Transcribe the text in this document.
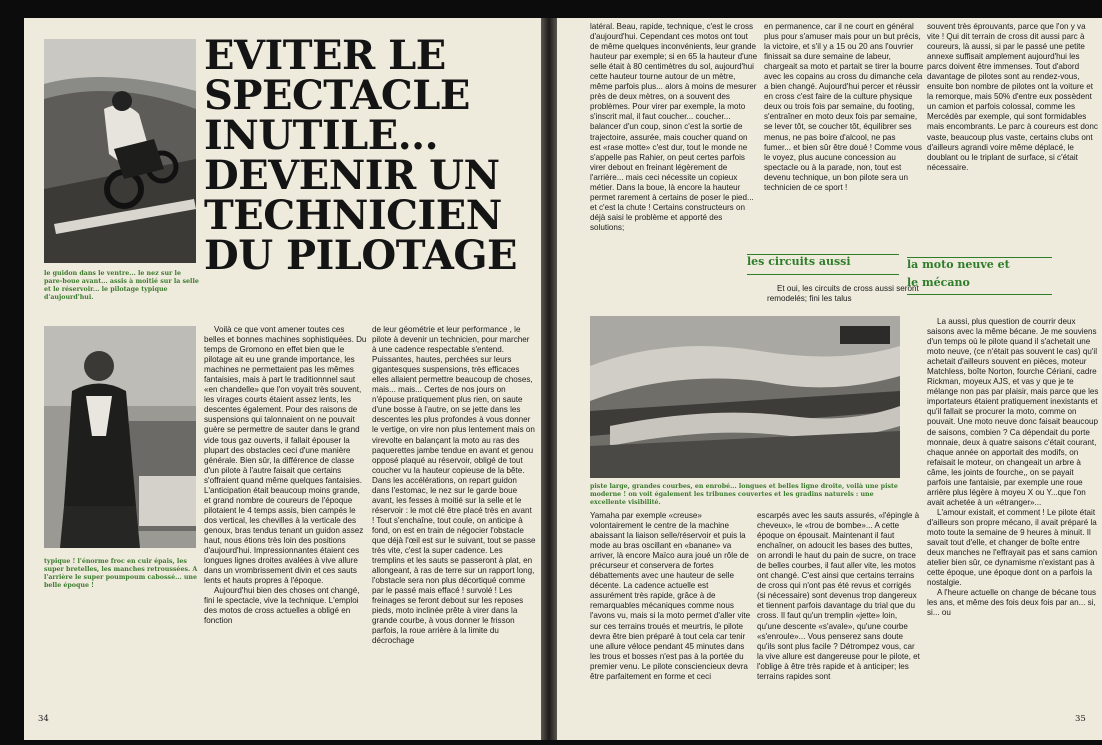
le guidon dans le ventre... le nez sur le pare-boue avant... assis à moitié sur la selle et le réservoir... le pilotage typique d'aujourd'hui.

EVITER LE
SPECTACLE
INUTILE...
DEVENIR UN
TECHNICIEN
DU PILOTAGE

typique ! l'énorme froc en cuir épais, les super bretelles, les manches retroussées. A l'arrière le super poumpoum cabossé... une belle époque !

Voilà ce que vont amener toutes ces belles et bonnes machines sophistiquées. Du temps de Gromono en effet bien que le pilotage ait eu une grande importance, les machines ne permettaient pas les mêmes fantaisies, mais à part le traditionnnel saut «en chandelle» que l'on voyait très souvent, les virages courts étaient assez lents, les descentes également. Pour des raisons de suspensions qui talonnaient on ne pouvait guère se permettre de sauter dans le grand vide tous gaz ouverts, il fallait épouser la plupart des obstacles ceci d'une manière générale. Bien sûr, la différence de classe d'un pilote à l'autre faisait que certains s'offraient quand même quelques fantaisies. L'anticipation était beaucoup moins grande, et grand nombre de coureurs de l'époque pilotaient le 4 temps assis, bien campés le dos vertical, les chevilles à la verticale des genoux, bras tendus tenant un guidon assez haut, nous étions très loin des positions d'aujourd'hui. Impressionnantes étaient ces longues lignes droites avalées à vive allure dans un vrombrissement divin et ces sauts lents et hauts propres à l'époque.

Aujourd'hui bien des choses ont changé, fini le spectacle, vive la technique. L'emploi des motos de cross actuelles a obligé en fonction

de leur géométrie et leur performance , le pilote à devenir un technicien, pour marcher à une cadence respectable s'entend. Puissantes, hautes, perchées sur leurs gigantesques suspensions, très efficaces elles allaient permettre beaucoup de choses, mais... mais... Certes de nos jours on n'épouse pratiquement plus rien, on saute d'une bosse à l'autre, on se jette dans les descentes les plus profondes à vous donner le vertige, on vire non plus lentement mais on virevolte en balançant la moto au ras des paquerettes jambe tendue en avant et genou opposé plaqué au réservoir, obligé de tout coucher vu la hauteur copieuse de la bête. Dans les accélérations, on repart guidon dans l'estomac, le nez sur le garde boue avant, les fesses à moitié sur la selle et le réservoir : le mot clé être placé très en avant ! Tout s'enchaîne, tout coule, on anticipe à fond, on est en train de négocier l'obstacle que déjà l'œil est sur le suivant, tout se passe très vite, c'est la super cadence. Les tremplins et les sauts se passeront à plat, en allongeant, à ras de terre sur un rapport long, l'obstacle sera non plus décortiqué comme par le passé mais effacé ! survolé ! Les freinages se feront debout sur les reposes pieds, moto inclinée prête à virer dans la grande courbe, à vous donner le frisson parfois, la roue arrière à la limite du décrochage

34

latéral. Beau, rapide, technique, c'est le cross d'aujourd'hui. Cependant ces motos ont tout de même quelques inconvénients, leur grande hauteur par exemple; si en 65 la hauteur d'une selle était à 80 centimètres du sol, aujourd'hui cette hauteur tourne autour de un mètre, même parfois plus... alors à moins de mesurer près de deux mètres, on a souvent des problèmes. Pour virer par exemple, la moto s'inscrit mal, il faut coucher... coucher... balancer d'un coup, sinon c'est la sortie de trajectoire, assurée, mais coucher quand on est «rase motte» c'est dur, tout le monde ne s'appelle pas Rahier, on peut certes parfois virer debout en freinant légèrement de l'arrière... mais ceci nécessite un copieux métier. Dans la boue, là encore la hauteur permet rarement à certains de poser le pied... et c'est la chute ! Certains constructeurs on déjà saisi le problème et apporté des solutions;

en permanence, car il ne court en général plus pour s'amuser mais pour un but précis, la victoire, et s'il y a 15 ou 20 ans l'ouvrier finissait sa dure semaine de labeur, chargeait sa moto et partait se tirer la bourre avec les copains au cross du dimanche cela a bien changé. Aujourd'hui percer et réussir en cross c'est faire de la culture physique deux ou trois fois par semaine, du footing, s'entraîner en moto deux fois par semaine, se lever tôt, se coucher tôt, équilibrer ses menus, ne pas boire d'alcool, ne pas fumer... et bien sûr être doué ! Comme vous le voyez, plus aucune concession au spectacle ou à la parade, non, tout est devenu technique, un bon pilote sera un technicien de ce sport !

les circuits aussi

Et oui, les circuits de cross aussi seront remodelés; fini les talus

souvent très éprouvants, parce que l'on y va vite ! Qui dit terrain de cross dit aussi parc à coureurs, là aussi, si par le passé une petite annexe suffisait amplement aujourd'hui les parcs doivent être immenses. Tout d'abord davantage de pilotes sont au rendez-vous, ensuite bon nombre de pilotes ont la voiture et la remorque, mais 50% d'entre eux possèdent un camion et parfois colossal, comme les Mercédès par exemple, qui sont formidables mais encombrants. Le parc à coureurs est donc vaste, beaucoup plus vaste, certains clubs ont d'ailleurs agrandi voire même déplacé, le doublant ou le triplant de surface, si c'était nécessaire.

la moto neuve et
le mécano

piste large, grandes courbes, en enrobé... longues et belles ligne droite, voilà une piste moderne ! on voit également les tribunes couvertes et les gradins naturels : une excellente visibilité.

Yamaha par exemple «creuse» volontairement le centre de la machine abaissant la liaison selle/réservoir et puis la mode au bras oscillant en «banane» va arriver, là encore Maïco aura joué un rôle de précurseur et conservera de fortes débattements avec une hauteur de selle décente. La cadence actuelle est assurément très rapide, grâce à de remarquables mécaniques comme nous l'avons vu, mais si la moto permet d'aller vite sur ces terrains troués et meurtris, le pilote devra être bien préparé à tout cela car tenir une allure véloce pendant 45 minutes dans les trous et bosses n'est pas à la portée du premier venu. Le pilote consciencieux devra être parfaitement en forme et ceci

escarpés avec les sauts assurés, «l'épingle à cheveux», le «trou de bombe»... A cette époque on épousait. Maintenant il faut enchaîner, on adoucit les bases des buttes, on arrondi le haut du pain de sucre, on trace de belles courbes, il faut aller vite, les motos ont changé. C'est ainsi que certains terrains de cross qui n'ont pas été revus et corrigés (si nécessaire) sont devenus trop dangereux et tiennent parfois davantage du trial que du cross. Il faut qu'un tremplin «jette» loin, qu'une descente «s'avale», qu'une courbe «s'enroule»... Vous penserez sans doute qu'ils sont plus facile ? Détrompez vous, car la vive allure est dangereuse pour le pilote, et l'oblige à être très rapide et à anticiper; les terrains rapides sont

La aussi, plus question de courrir deux saisons avec la même bécane. Je me souviens d'un temps où le pilote quand il s'achetait une moto neuve, (ce n'était pas souvent le cas) qu'il achetait d'ailleurs souvent en pièces, moteur Matchless, boîte Norton, fourche Cériani, cadre Rickman, moyeux AJS, et vas y que je te mélange non pas par plaisir, mais parce que les importateurs étaient pratiquement inexistants et qu'il fallait se procurer la moto, comme on pouvait. Une moto neuve donc faisait beaucoup de saisons, combien ? Ca dépendait du porte monnaie, deux à quatre saisons c'était courant, chaque année on apportait des modifs, on refaisait le moteur, on changeait un arbre à câme, les joints de fourche,, on se payait parfois une fantaisie, par exemple une roue arrière plus légère à moyeu X ou Y...que l'on avait achetée à un «étranger»...

L'amour existait, et comment ! Le pilote était d'ailleurs son propre mécano, il avait préparé la moto toute la semaine de 9 heures à minuit. Il savait tout d'elle, et changer de boîte entre deux manches ne l'effrayait pas et sans camion atelier bien sûr, ce dynamisme n'existant pas à cette époque, une époque dont on a parfois la nostalgie.

A l'heure actuelle on change de bécane tous les ans, et même des fois deux fois par an... si, si... ou

35
